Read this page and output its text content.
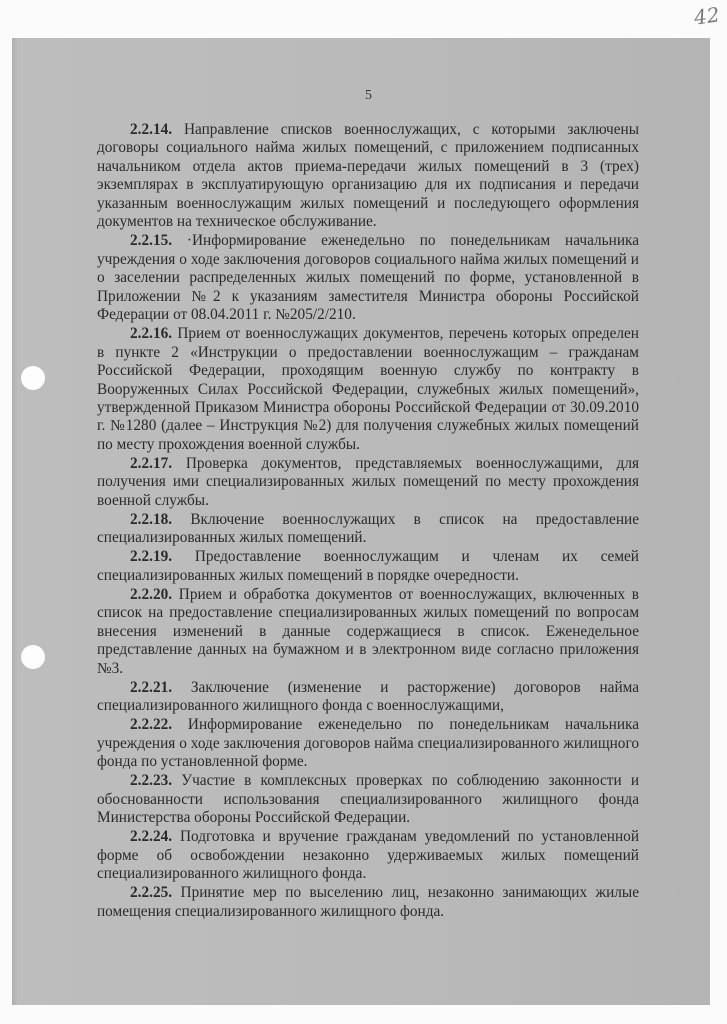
42
5

2.2.14. Направление списков военнослужащих, с которыми заключены договоры социального найма жилых помещений, с приложением подписанных начальником отдела актов приема-передачи жилых помещений в 3 (трех) экземплярах в эксплуатирующую организацию для их подписания и передачи указанным военнослужащим жилых помещений и последующего оформления документов на техническое обслуживание.

2.2.15. ·Информирование еженедельно по понедельникам начальника учреждения о ходе заключения договоров социального найма жилых помещений и о заселении распределенных жилых помещений по форме, установленной в Приложении №2 к указаниям заместителя Министра обороны Российской Федерации от 08.04.2011 г. №205/2/210.

2.2.16. Прием от военнослужащих документов, перечень которых определен в пункте 2 «Инструкции о предоставлении военнослужащим – гражданам Российской Федерации, проходящим военную службу по контракту в Вооруженных Силах Российской Федерации, служебных жилых помещений», утвержденной Приказом Министра обороны Российской Федерации от 30.09.2010 г. №1280 (далее – Инструкция №2) для получения служебных жилых помещений по месту прохождения военной службы.

2.2.17. Проверка документов, представляемых военнослужащими, для получения ими специализированных жилых помещений по месту прохождения военной службы.

2.2.18. Включение военнослужащих в список на предоставление специализированных жилых помещений.

2.2.19. Предоставление военнослужащим и членам их семей специализированных жилых помещений в порядке очередности.

2.2.20. Прием и обработка документов от военнослужащих, включенных в список на предоставление специализированных жилых помещений по вопросам внесения изменений в данные содержащиеся в список. Еженедельное представление данных на бумажном и в электронном виде согласно приложения №3.

2.2.21. Заключение (изменение и расторжение) договоров найма специализированного жилищного фонда с военнослужащими,

2.2.22. Информирование еженедельно по понедельникам начальника учреждения о ходе заключения договоров найма специализированного жилищного фонда по установленной форме.

2.2.23. Участие в комплексных проверках по соблюдению законности и обоснованности использования специализированного жилищного фонда Министерства обороны Российской Федерации.

2.2.24. Подготовка и вручение гражданам уведомлений по установленной форме об освобождении незаконно удерживаемых жилых помещений специализированного жилищного фонда.

2.2.25. Принятие мер по выселению лиц, незаконно занимающих жилые помещения специализированного жилищного фонда.
